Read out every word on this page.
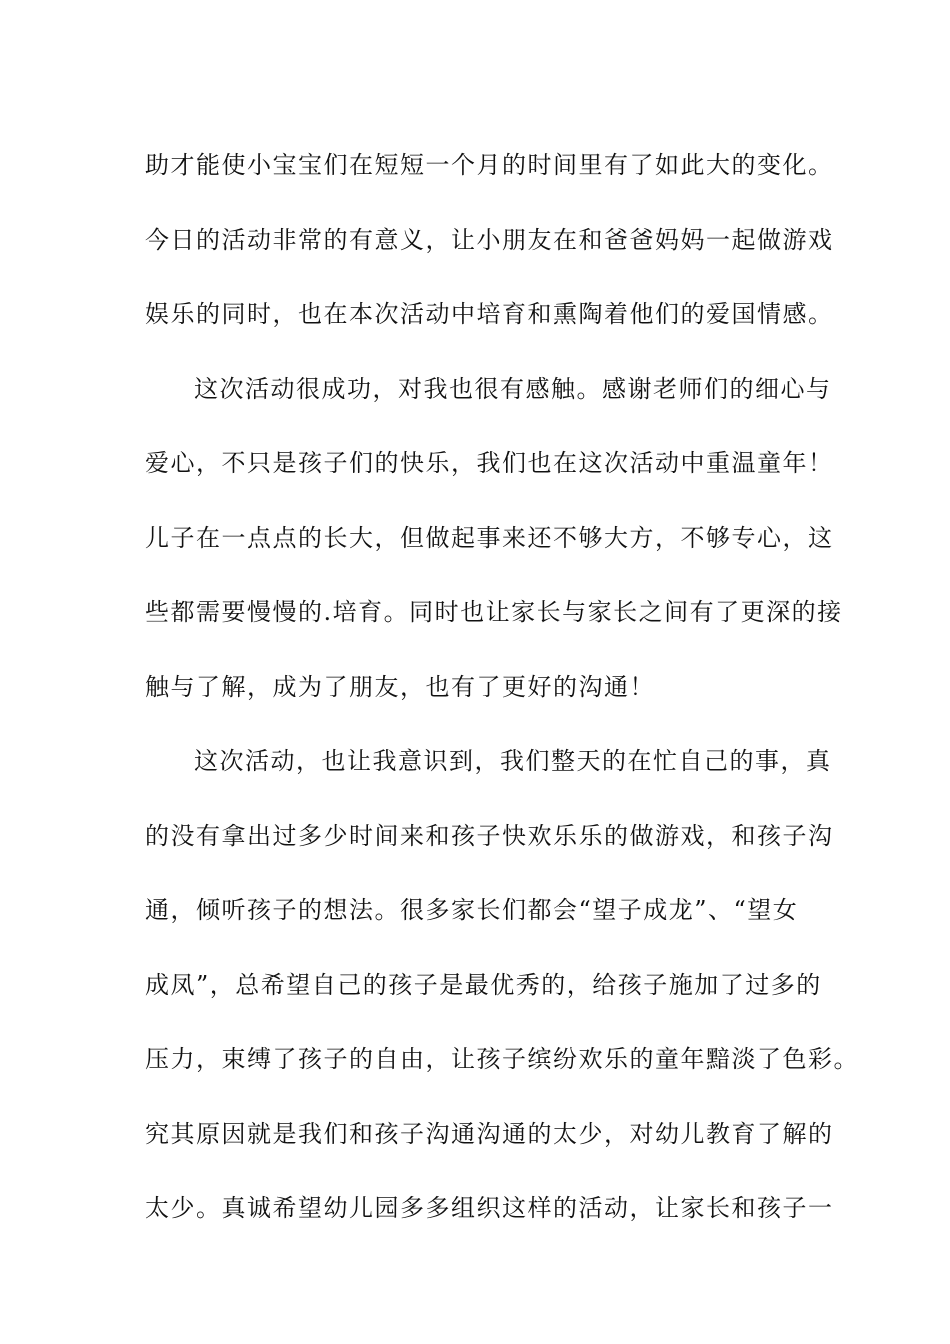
助才能使小宝宝们在短短一个月的时间里有了如此大的变化。
今日的活动非常的有意义，让小朋友在和爸爸妈妈一起做游戏
娱乐的同时，也在本次活动中培育和熏陶着他们的爱国情感。
这次活动很成功，对我也很有感触。感谢老师们的细心与
爱心，不只是孩子们的快乐，我们也在这次活动中重温童年！
儿子在一点点的长大，但做起事来还不够大方，不够专心，这
些都需要慢慢的.培育。同时也让家长与家长之间有了更深的接
触与了解，成为了朋友，也有了更好的沟通！
这次活动，也让我意识到，我们整天的在忙自己的事，真
的没有拿出过多少时间来和孩子快欢乐乐的做游戏，和孩子沟
通，倾听孩子的想法。很多家长们都会“望子成龙”、“望女
成凤”，总希望自己的孩子是最优秀的，给孩子施加了过多的
压力，束缚了孩子的自由，让孩子缤纷欢乐的童年黯淡了色彩。
究其原因就是我们和孩子沟通沟通的太少，对幼儿教育了解的
太少。真诚希望幼儿园多多组织这样的活动，让家长和孩子一
